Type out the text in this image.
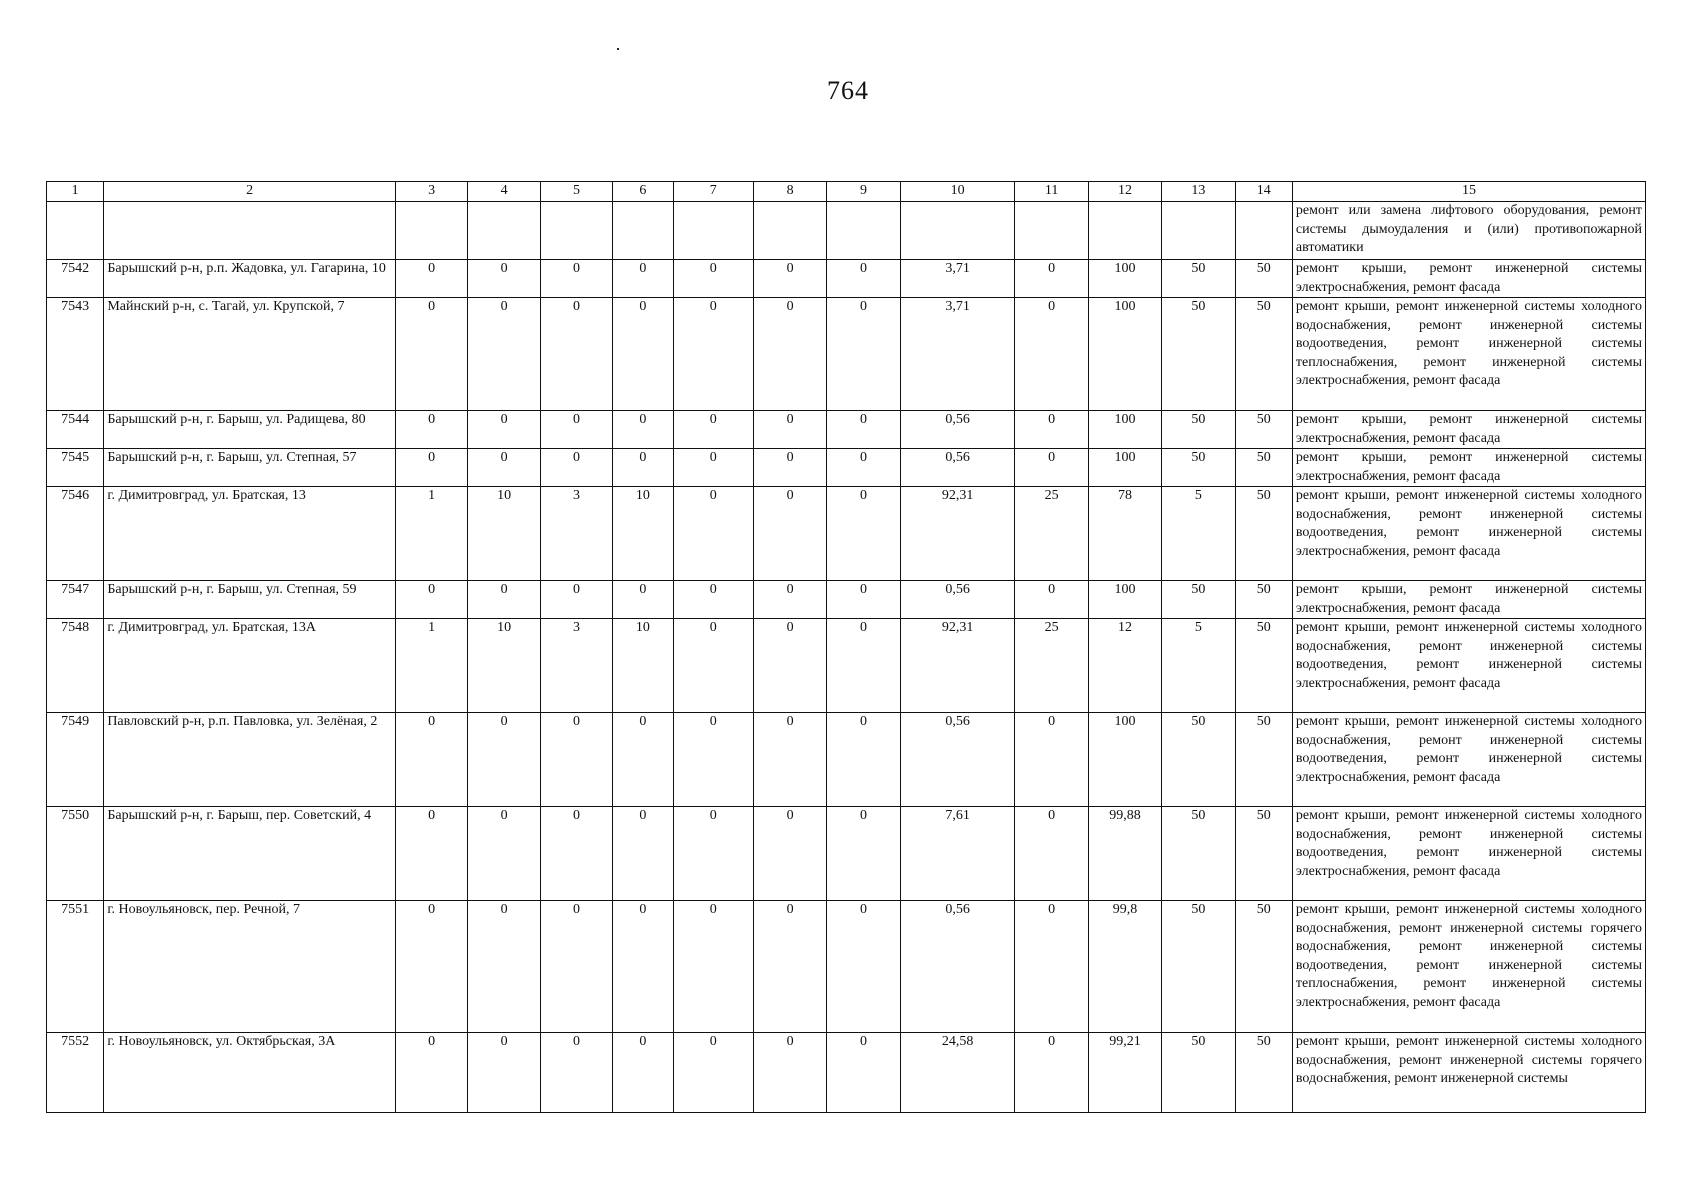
764
1	2	3	4	5	6	7	8	9	10	11	12	13	14	15
														ремонт или замена лифтового оборудования, ремонт системы дымоудаления и (или) противопожарной автоматики
7542	Барышский р-н, р.п. Жадовка, ул. Гагарина, 10	0	0	0	0	0	0	0	3,71	0	100	50	50	ремонт крыши, ремонт инженерной системы электроснабжения, ремонт фасада
7543	Майнский р-н, с. Тагай, ул. Крупской, 7	0	0	0	0	0	0	0	3,71	0	100	50	50	ремонт крыши, ремонт инженерной системы холодного водоснабжения, ремонт инженерной системы водоотведения, ремонт инженерной системы теплоснабжения, ремонт инженерной системы электроснабжения, ремонт фасада
7544	Барышский р-н, г. Барыш, ул. Радищева, 80	0	0	0	0	0	0	0	0,56	0	100	50	50	ремонт крыши, ремонт инженерной системы электроснабжения, ремонт фасада
7545	Барышский р-н, г. Барыш, ул. Степная, 57	0	0	0	0	0	0	0	0,56	0	100	50	50	ремонт крыши, ремонт инженерной системы электроснабжения, ремонт фасада
7546	г. Димитровград, ул. Братская, 13	1	10	3	10	0	0	0	92,31	25	78	5	50	ремонт крыши, ремонт инженерной системы холодного водоснабжения, ремонт инженерной системы водоотведения, ремонт инженерной системы электроснабжения, ремонт фасада
7547	Барышский р-н, г. Барыш, ул. Степная, 59	0	0	0	0	0	0	0	0,56	0	100	50	50	ремонт крыши, ремонт инженерной системы электроснабжения, ремонт фасада
7548	г. Димитровград, ул. Братская, 13А	1	10	3	10	0	0	0	92,31	25	12	5	50	ремонт крыши, ремонт инженерной системы холодного водоснабжения, ремонт инженерной системы водоотведения, ремонт инженерной системы электроснабжения, ремонт фасада
7549	Павловский р-н, р.п. Павловка, ул. Зелёная, 2	0	0	0	0	0	0	0	0,56	0	100	50	50	ремонт крыши, ремонт инженерной системы холодного водоснабжения, ремонт инженерной системы водоотведения, ремонт инженерной системы электроснабжения, ремонт фасада
7550	Барышский р-н, г. Барыш, пер. Советский, 4	0	0	0	0	0	0	0	7,61	0	99,88	50	50	ремонт крыши, ремонт инженерной системы холодного водоснабжения, ремонт инженерной системы водоотведения, ремонт инженерной системы электроснабжения, ремонт фасада
7551	г. Новоульяновск, пер. Речной, 7	0	0	0	0	0	0	0	0,56	0	99,8	50	50	ремонт крыши, ремонт инженерной системы холодного водоснабжения, ремонт инженерной системы горячего водоснабжения, ремонт инженерной системы водоотведения, ремонт инженерной системы теплоснабжения, ремонт инженерной системы электроснабжения, ремонт фасада
7552	г. Новоульяновск, ул. Октябрьская, 3А	0	0	0	0	0	0	0	24,58	0	99,21	50	50	ремонт крыши, ремонт инженерной системы холодного водоснабжения, ремонт инженерной системы горячего водоснабжения, ремонт инженерной системы
